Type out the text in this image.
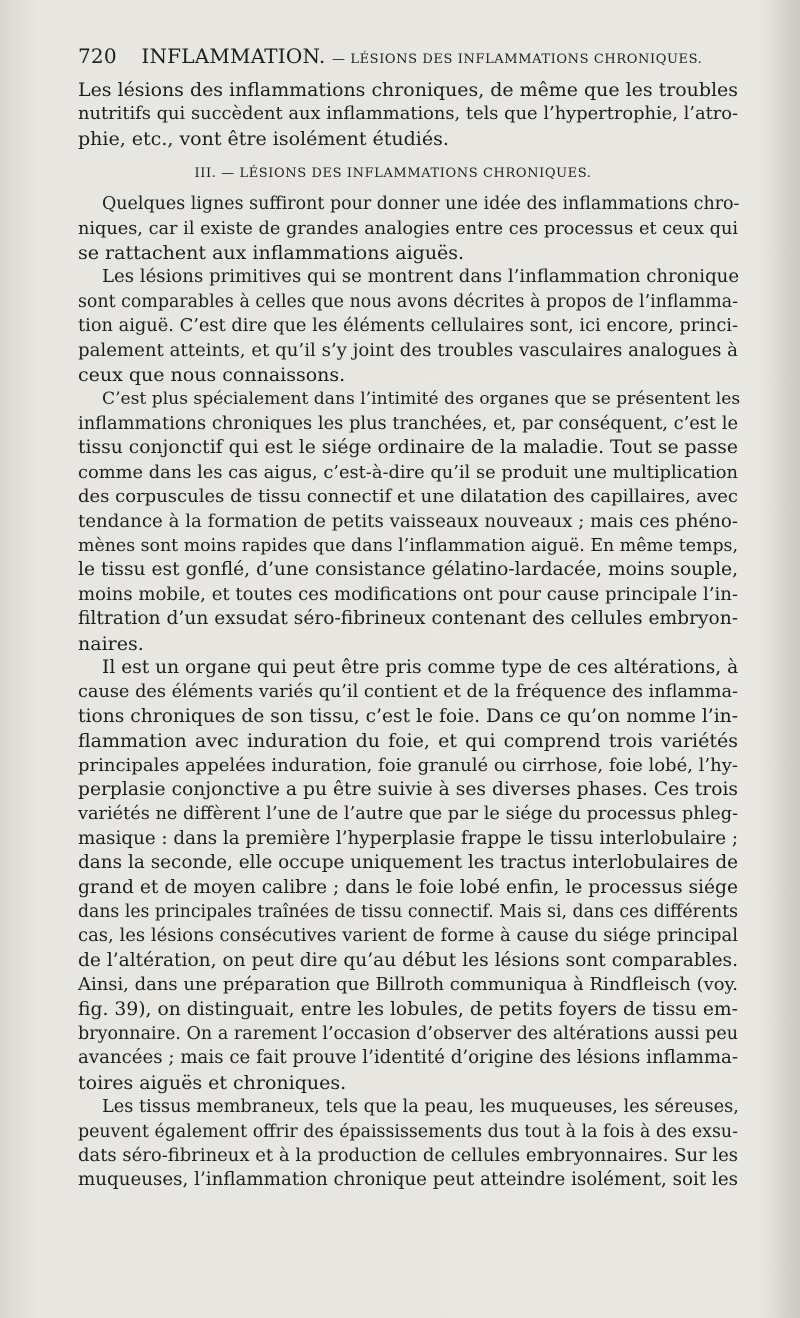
720 INFLAMMATION. — LÉSIONS DES INFLAMMATIONS CHRONIQUES.
Les lésions des inflammations chroniques, de même que les troubles
nutritifs qui succèdent aux inflammations, tels que l’hypertrophie, l’atro-
phie, etc., vont être isolément étudiés.
III. — LÉSIONS DES INFLAMMATIONS CHRONIQUES.
Quelques lignes suffiront pour donner une idée des inflammations chro-
niques, car il existe de grandes analogies entre ces processus et ceux qui
se rattachent aux inflammations aiguës.
Les lésions primitives qui se montrent dans l’inflammation chronique
sont comparables à celles que nous avons décrites à propos de l’inflamma-
tion aiguë. C’est dire que les éléments cellulaires sont, ici encore, princi-
palement atteints, et qu’il s’y joint des troubles vasculaires analogues à
ceux que nous connaissons.
C’est plus spécialement dans l’intimité des organes que se présentent les
inflammations chroniques les plus tranchées, et, par conséquent, c’est le
tissu conjonctif qui est le siége ordinaire de la maladie. Tout se passe
comme dans les cas aigus, c’est-à-dire qu’il se produit une multiplication
des corpuscules de tissu connectif et une dilatation des capillaires, avec
tendance à la formation de petits vaisseaux nouveaux ; mais ces phéno-
mènes sont moins rapides que dans l’inflammation aiguë. En même temps,
le tissu est gonflé, d’une consistance gélatino-lardacée, moins souple,
moins mobile, et toutes ces modifications ont pour cause principale l’in-
filtration d’un exsudat séro-fibrineux contenant des cellules embryon-
naires.
Il est un organe qui peut être pris comme type de ces altérations, à
cause des éléments variés qu’il contient et de la fréquence des inflamma-
tions chroniques de son tissu, c’est le foie. Dans ce qu’on nomme l’in-
flammation avec induration du foie, et qui comprend trois variétés
principales appelées induration, foie granulé ou cirrhose, foie lobé, l’hy-
perplasie conjonctive a pu être suivie à ses diverses phases. Ces trois
variétés ne diffèrent l’une de l’autre que par le siége du processus phleg-
masique : dans la première l’hyperplasie frappe le tissu interlobulaire ;
dans la seconde, elle occupe uniquement les tractus interlobulaires de
grand et de moyen calibre ; dans le foie lobé enfin, le processus siége
dans les principales traînées de tissu connectif. Mais si, dans ces différents
cas, les lésions consécutives varient de forme à cause du siége principal
de l’altération, on peut dire qu’au début les lésions sont comparables.
Ainsi, dans une préparation que Billroth communiqua à Rindfleisch (voy.
fig. 39), on distinguait, entre les lobules, de petits foyers de tissu em-
bryonnaire. On a rarement l’occasion d’observer des altérations aussi peu
avancées ; mais ce fait prouve l’identité d’origine des lésions inflamma-
toires aiguës et chroniques.
Les tissus membraneux, tels que la peau, les muqueuses, les séreuses,
peuvent également offrir des épaississements dus tout à la fois à des exsu-
dats séro-fibrineux et à la production de cellules embryonnaires. Sur les
muqueuses, l’inflammation chronique peut atteindre isolément, soit les
